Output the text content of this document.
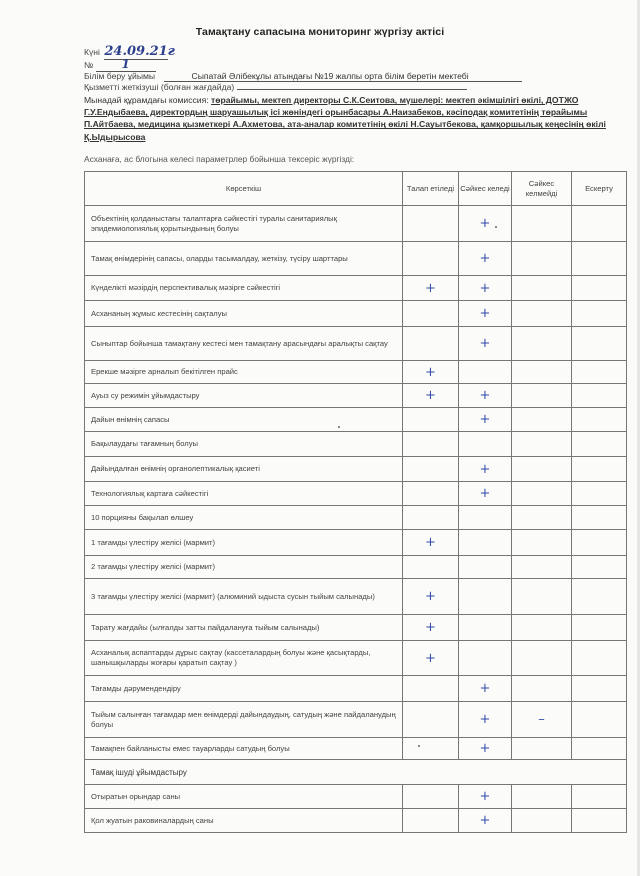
Тамақтану сапасына мониторинг жүргізу актісі
Күні 24.09.21г
№ 1
Білім беру ұйымы	Сыпатай Әлібекұлы атындағы №19 жалпы орта білім беретін мектебі
Қызметті жеткізуші (болған жағдайда)
Мынадай құрамдағы комиссия: төрайымы, мектеп директоры С.К.Сеитова, мүшелері: мектеп әкімшілігі өкілі, ДОТЖО Г.У.Ендыбаева, директордың шаруашылық ісі жөніндегі орынбасары А.Наизабеков, кәсіподақ комитетінің төрайымы П.Айтбаева, медицина қызметкері А.Ахметова, ата-аналар комитетінің өкілі Н.Сауытбекова, қамқоршылық кеңесінің өкілі Қ.Ыдырысова
Асханаға, ас блогына келесі параметрлер бойынша тексеріс жүргізді:
Көрсеткіш	Талап етіледі	Сәйкес келеді	Сәйкес келмейді	Ескерту
Объектінің қолданыстағы талаптарға сәйкестігі туралы санитариялық эпидемиологиялық қорытындының болуы		+		
Тамақ өнімдерінің сапасы, оларды тасымалдау, жеткізу, түсіру шарттары		+		
Күнделікті мәзірдің перспективалық мәзірге сәйкестігі	+	+		
Асхананың жұмыс кестесінің сақталуы		+		
Сыныптар бойынша тамақтану кестесі мен тамақтану арасындағы аралықты сақтау		+		
Ерекше мәзірге арналып бекітілген прайс	+			
Ауыз су режимін ұйымдастыру	+	+		
Дайын өнімнің сапасы		+		
Бақылаудағы тағамның болуы				
Дайындалған өнімнің органолептикалық қасиеті		+		
Технологиялық картаға сәйкестігі		+		
10 порцияны бақылап өлшеу				
1 тағамды үлестіру желісі (мармит)	+			
2 тағамды үлестіру желісі (мармит)				
3 тағамды үлестіру желісі (мармит) (алюминий ыдыста сусын тыйым салынады)	+			
Тарату жағдайы (ылғалды затты пайдалануға тыйым салынады)	+			
Асханалық аспаптарды дұрыс сақтау (кассеталардың болуы және қасықтарды, шанышқыларды жоғары қаратып сақтау )	+			
Тағамды дәрумендендіру		+		
Тыйым салынған тағамдар мен өнімдерді дайындаудың, сатудың және пайдаланудың болуы		+	–	
Тамақпен байланысты емес тауарларды сатудың болуы		+		
Тамақ ішуді ұйымдастыру				
Отыратын орындар саны		+		
Қол жуатын раковиналардың саны		+		
